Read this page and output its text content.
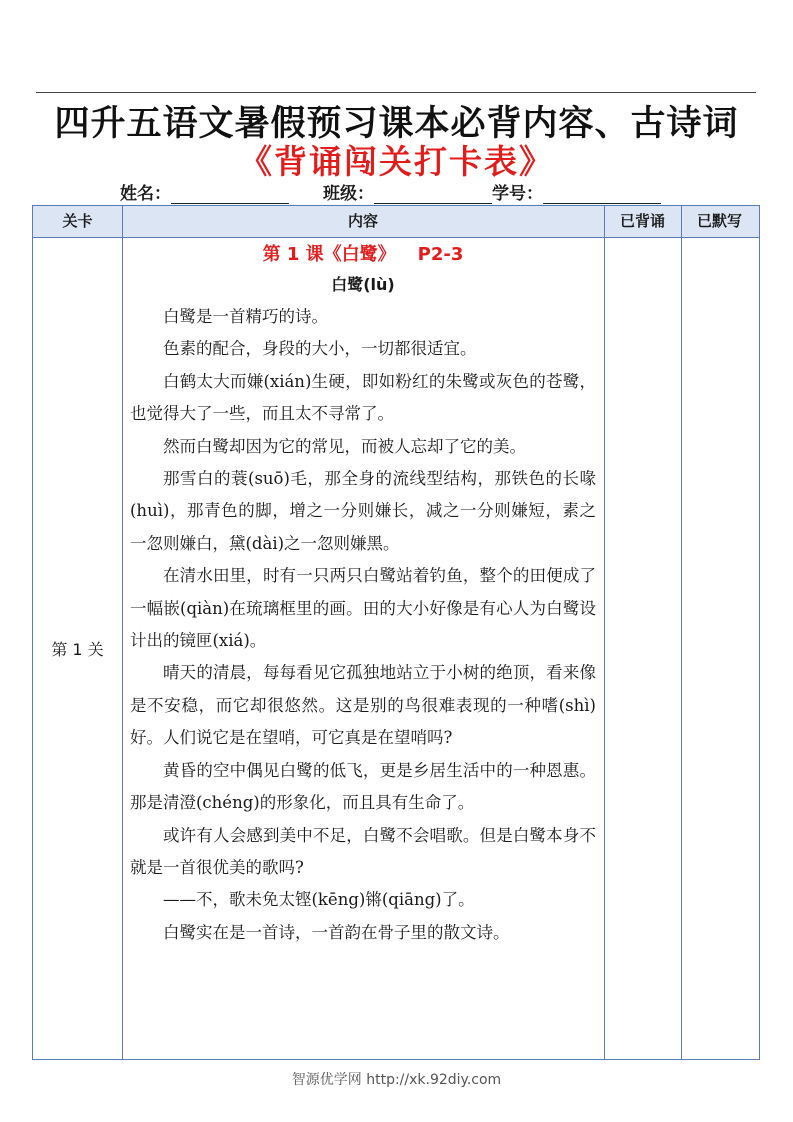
四升五语文暑假预习课本必背内容、古诗词
《背诵闯关打卡表》
姓名：	班级：	学号：
关卡	内容	已背诵	已默写
第 1 关
第 1 课《白鹭》 P2-3
白鹭(lù)

白鹭是一首精巧的诗。

色素的配合，身段的大小，一切都很适宜。

白鹤太大而嫌(xián)生硬，即如粉红的朱鹭或灰色的苍鹭，也觉得大了一些，而且太不寻常了。

然而白鹭却因为它的常见，而被人忘却了它的美。

那雪白的蓑(suō)毛，那全身的流线型结构，那铁色的长喙(huì)，那青色的脚，增之一分则嫌长，减之一分则嫌短，素之一忽则嫌白，黛(dài)之一忽则嫌黑。

在清水田里，时有一只两只白鹭站着钓鱼，整个的田便成了一幅嵌(qiàn)在琉璃框里的画。田的大小好像是有心人为白鹭设计出的镜匣(xiá)。

晴天的清晨，每每看见它孤独地站立于小树的绝顶，看来像是不安稳，而它却很悠然。这是别的鸟很难表现的一种嗜(shì)好。人们说它是在望哨，可它真是在望哨吗?

黄昏的空中偶见白鹭的低飞，更是乡居生活中的一种恩惠。那是清澄(chéng)的形象化，而且具有生命了。

或许有人会感到美中不足，白鹭不会唱歌。但是白鹭本身不就是一首很优美的歌吗?

——不，歌未免太铿(kēng)锵(qiāng)了。

白鹭实在是一首诗，一首韵在骨子里的散文诗。

智源优学网 http://xk.92diy.com
